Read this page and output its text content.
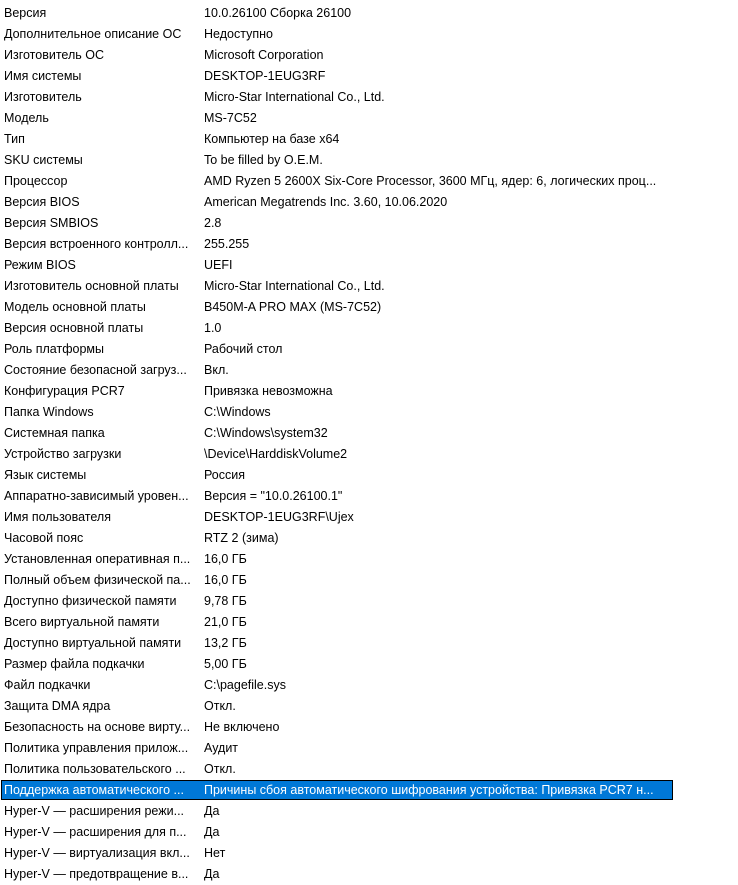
Версия	10.0.26100 Сборка 26100
Дополнительное описание ОС	Недоступно
Изготовитель ОС	Microsoft Corporation
Имя системы	DESKTOP-1EUG3RF
Изготовитель	Micro-Star International Co., Ltd.
Модель	MS-7C52
Тип	Компьютер на базе x64
SKU системы	To be filled by O.E.M.
Процессор	AMD Ryzen 5 2600X Six-Core Processor, 3600 МГц, ядер: 6, логических проц...
Версия BIOS	American Megatrends Inc. 3.60, 10.06.2020
Версия SMBIOS	2.8
Версия встроенного контролл...	255.255
Режим BIOS	UEFI
Изготовитель основной платы	Micro-Star International Co., Ltd.
Модель основной платы	B450M-A PRO MAX (MS-7C52)
Версия основной платы	1.0
Роль платформы	Рабочий стол
Состояние безопасной загруз...	Вкл.
Конфигурация PCR7	Привязка невозможна
Папка Windows	C:\Windows
Системная папка	C:\Windows\system32
Устройство загрузки	\Device\HarddiskVolume2
Язык системы	Россия
Аппаратно-зависимый уровен...	Версия = "10.0.26100.1"
Имя пользователя	DESKTOP-1EUG3RF\Ujex
Часовой пояс	RTZ 2 (зима)
Установленная оперативная п...	16,0 ГБ
Полный объем физической па...	16,0 ГБ
Доступно физической памяти	9,78 ГБ
Всего виртуальной памяти	21,0 ГБ
Доступно виртуальной памяти	13,2 ГБ
Размер файла подкачки	5,00 ГБ
Файл подкачки	C:\pagefile.sys
Защита DMA ядра	Откл.
Безопасность на основе вирту...	Не включено
Политика управления прилож...	Аудит
Политика пользовательского ...	Откл.
Поддержка автоматического ...	Причины сбоя автоматического шифрования устройства: Привязка PCR7 н...
Hyper-V — расширения режи...	Да
Hyper-V — расширения для п...	Да
Hyper-V — виртуализация вкл...	Нет
Hyper-V — предотвращение в...	Да
